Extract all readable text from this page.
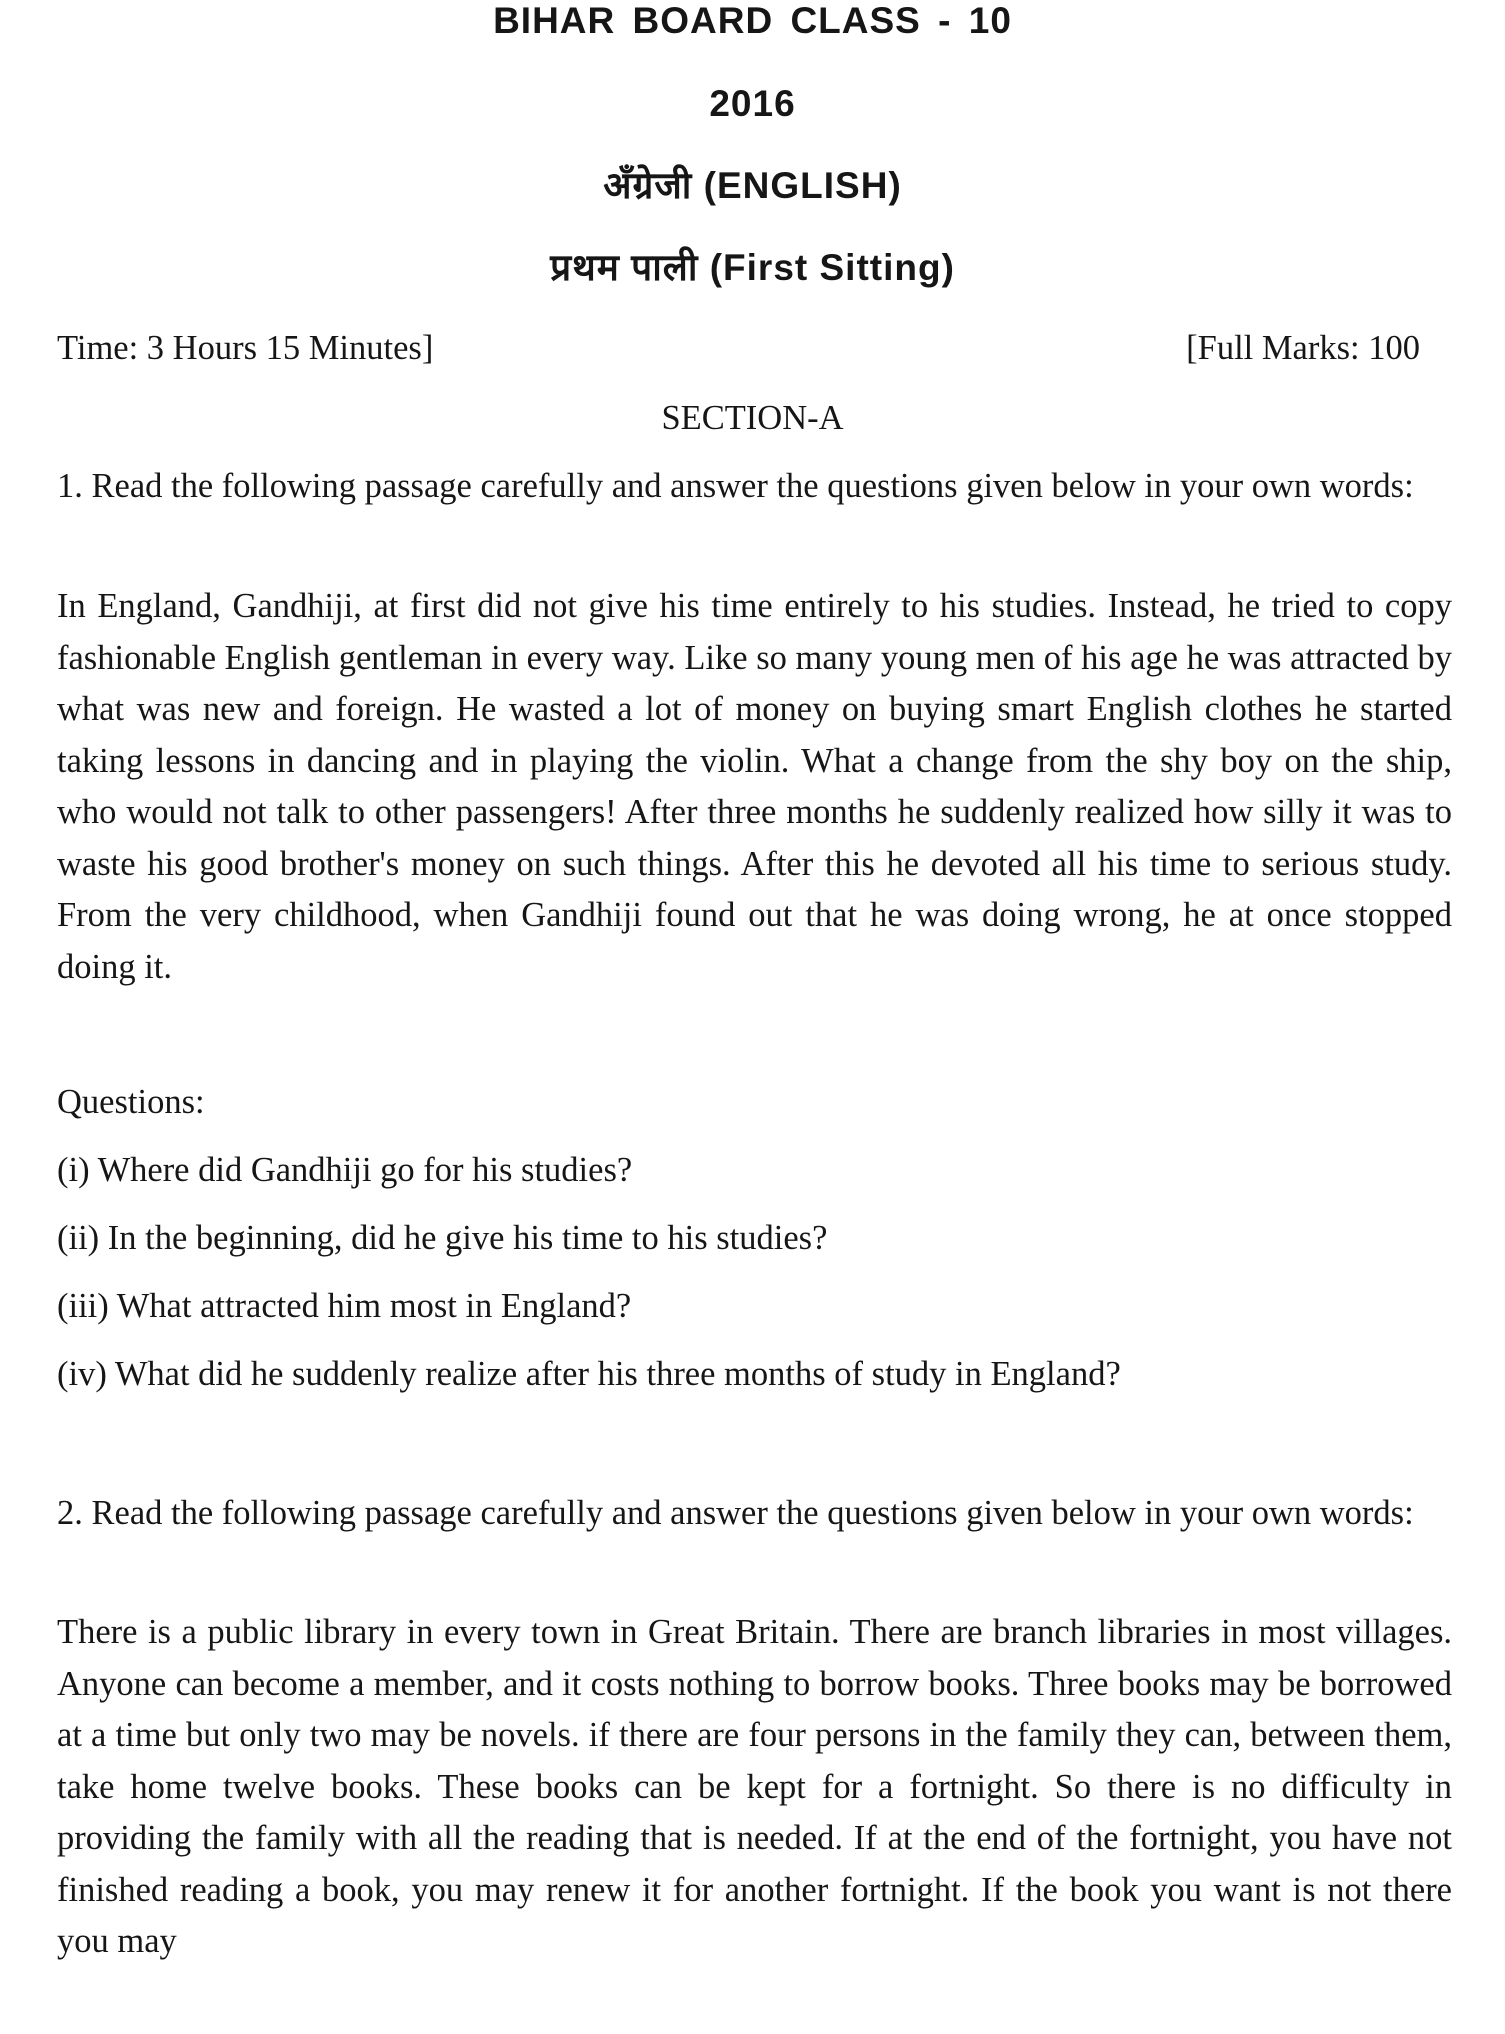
BIHAR BOARD CLASS - 10
2016
अँग्रेजी (ENGLISH)
प्रथम पाली (First Sitting)
Time: 3 Hours 15 Minutes]	[Full Marks: 100
SECTION-A

1. Read the following passage carefully and answer the questions given below in your own words:

In England, Gandhiji, at first did not give his time entirely to his studies. Instead, he tried to copy fashionable English gentleman in every way. Like so many young men of his age he was attracted by what was new and foreign. He wasted a lot of money on buying smart English clothes he started taking lessons in dancing and in playing the violin. What a change from the shy boy on the ship, who would not talk to other passengers! After three months he suddenly realized how silly it was to waste his good brother's money on such things. After this he devoted all his time to serious study. From the very childhood, when Gandhiji found out that he was doing wrong, he at once stopped doing it.

Questions:
(i) Where did Gandhiji go for his studies?
(ii) In the beginning, did he give his time to his studies?
(iii) What attracted him most in England?
(iv) What did he suddenly realize after his three months of study in England?

2. Read the following passage carefully and answer the questions given below in your own words:

There is a public library in every town in Great Britain. There are branch libraries in most villages. Anyone can become a member, and it costs nothing to borrow books. Three books may be borrowed at a time but only two may be novels. if there are four persons in the family they can, between them, take home twelve books. These books can be kept for a fortnight. So there is no difficulty in providing the family with all the reading that is needed. If at the end of the fortnight, you have not finished reading a book, you may renew it for another fortnight. If the book you want is not there you may
